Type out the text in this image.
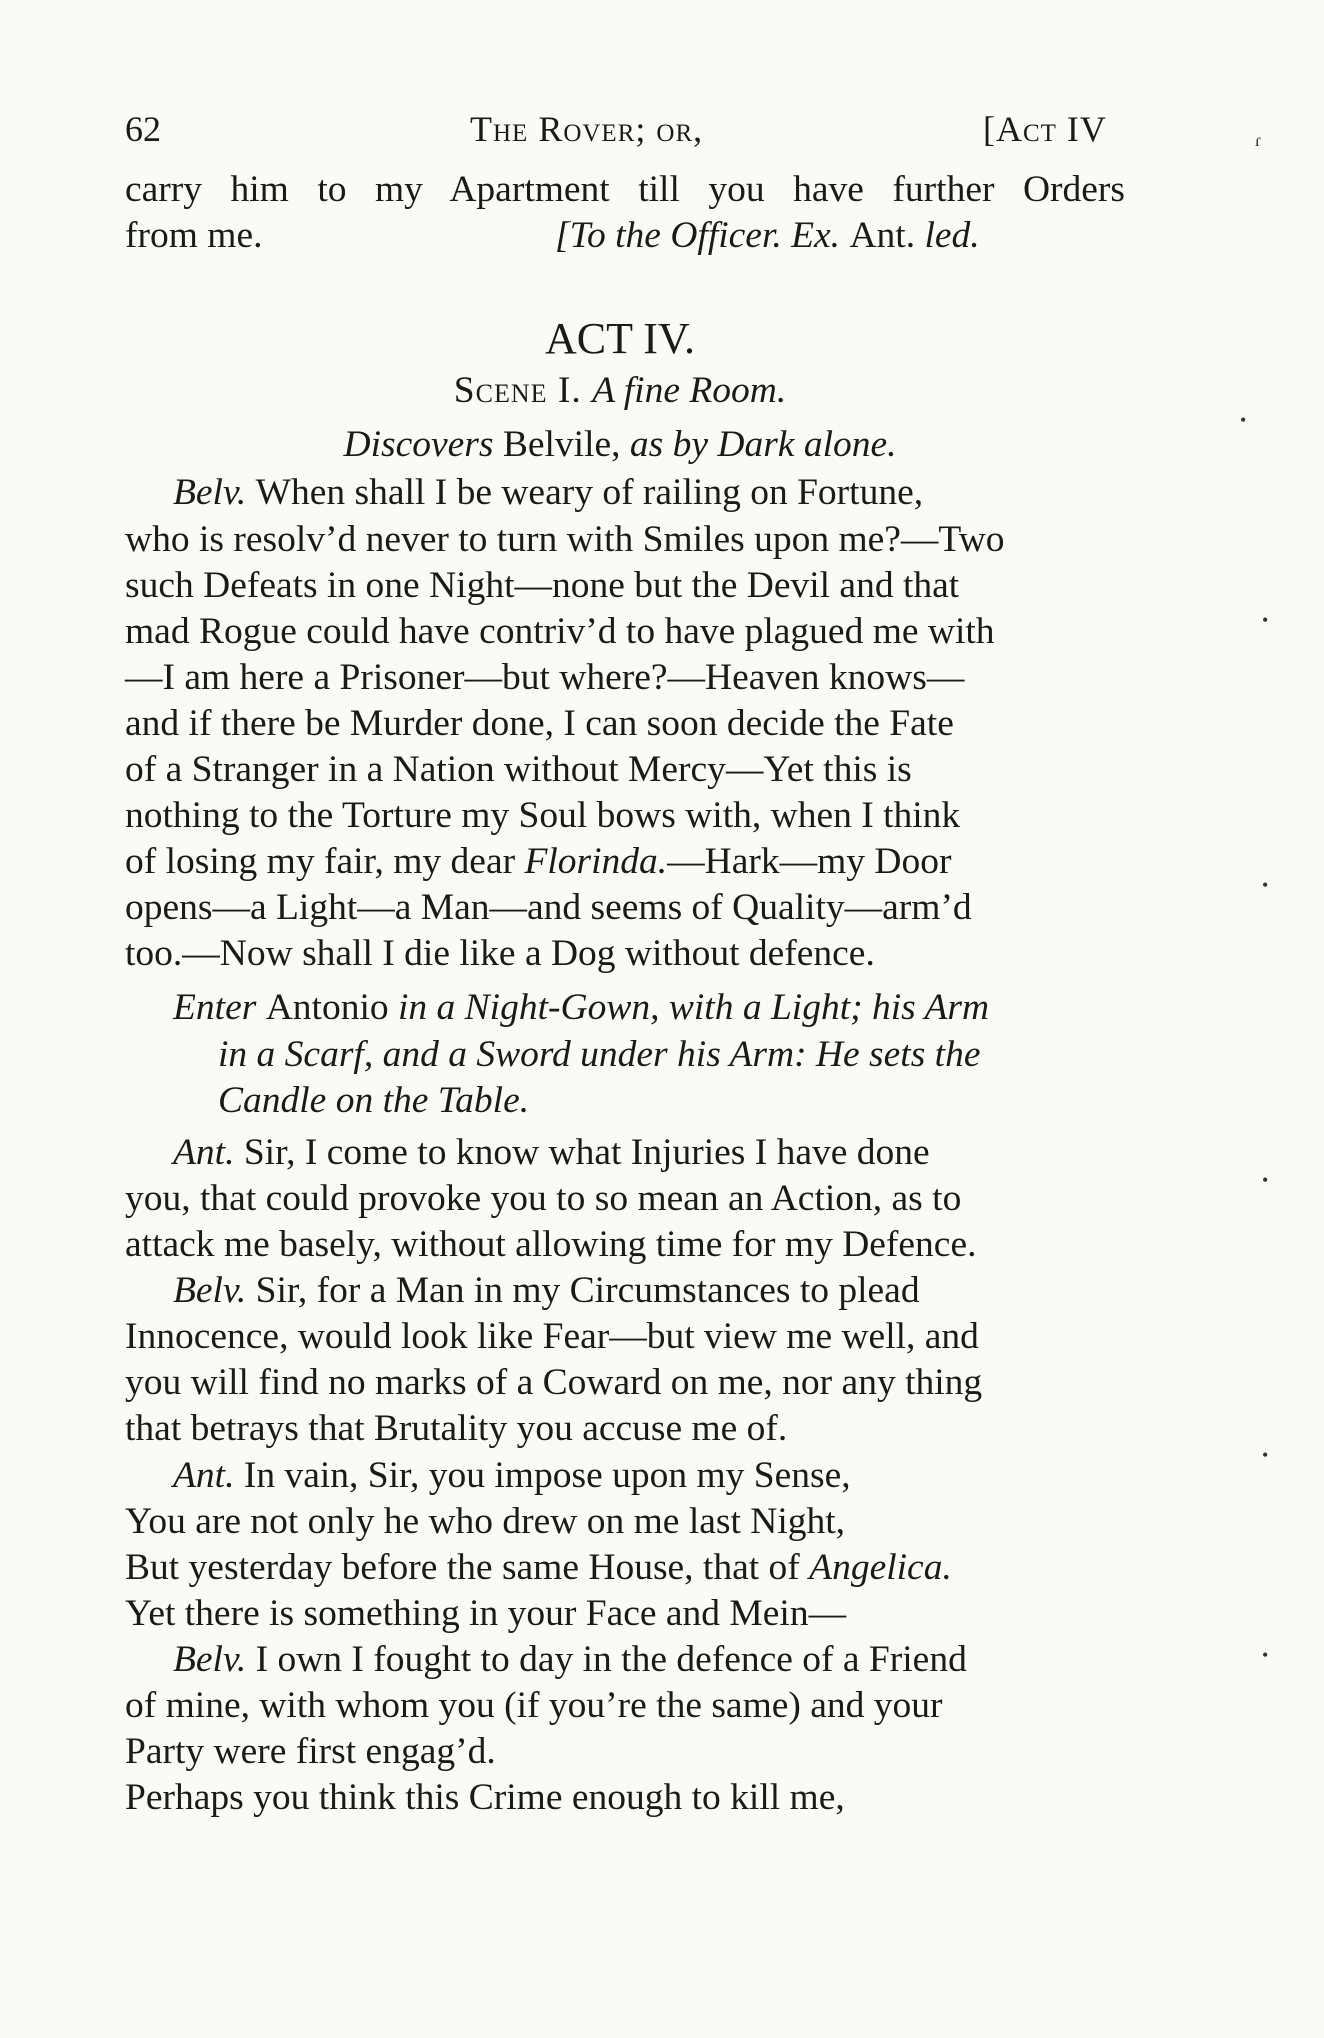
62	The Rover; or,	[Act IV
carry him to my Apartment till you have further Orders
from me.	[To the Officer. Ex. Ant. led.
ACT IV.
Scene I. A fine Room.
Discovers Belvile, as by Dark alone.
Belv. When shall I be weary of railing on Fortune,
who is resolv’d never to turn with Smiles upon me?—Two
such Defeats in one Night—none but the Devil and that
mad Rogue could have contriv’d to have plagued me with
—I am here a Prisoner—but where?—Heaven knows—
and if there be Murder done, I can soon decide the Fate
of a Stranger in a Nation without Mercy—Yet this is
nothing to the Torture my Soul bows with, when I think
of losing my fair, my dear Florinda.—Hark—my Door
opens—a Light—a Man—and seems of Quality—arm’d
too.—Now shall I die like a Dog without defence.
Enter Antonio in a Night-Gown, with a Light; his Arm
in a Scarf, and a Sword under his Arm: He sets the
Candle on the Table.
Ant. Sir, I come to know what Injuries I have done
you, that could provoke you to so mean an Action, as to
attack me basely, without allowing time for my Defence.
Belv. Sir, for a Man in my Circumstances to plead
Innocence, would look like Fear—but view me well, and
you will find no marks of a Coward on me, nor any thing
that betrays that Brutality you accuse me of.
Ant. In vain, Sir, you impose upon my Sense,
You are not only he who drew on me last Night,
But yesterday before the same House, that of Angelica.
Yet there is something in your Face and Mein—
Belv. I own I fought to day in the defence of a Friend
of mine, with whom you (if you’re the same) and your
Party were first engag’d.
Perhaps you think this Crime enough to kill me,
ɾ
•
•
•
•
•
•
